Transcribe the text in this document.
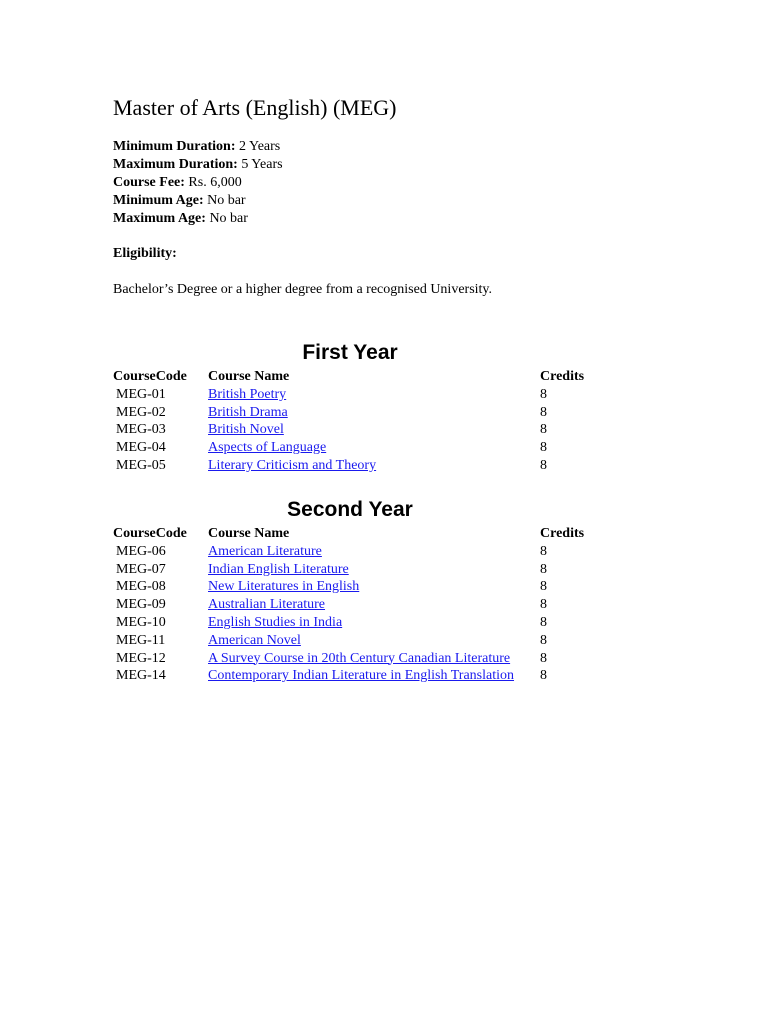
Master of Arts (English) (MEG)
Minimum Duration: 2 Years
Maximum Duration: 5 Years
Course Fee: Rs. 6,000
Minimum Age: No bar
Maximum Age: No bar
Eligibility:
Bachelor’s Degree or a higher degree from a recognised University.
First Year
CourseCode	Course Name	Credits
MEG-01	British Poetry	8
MEG-02	British Drama	8
MEG-03	British Novel	8
MEG-04	Aspects of Language	8
MEG-05	Literary Criticism and Theory	8
Second Year
CourseCode	Course Name	Credits
MEG-06	American Literature	8
MEG-07	Indian English Literature	8
MEG-08	New Literatures in English	8
MEG-09	Australian Literature	8
MEG-10	English Studies in India	8
MEG-11	American Novel	8
MEG-12	A Survey Course in 20th Century Canadian Literature	8
MEG-14	Contemporary Indian Literature in English Translation	8
